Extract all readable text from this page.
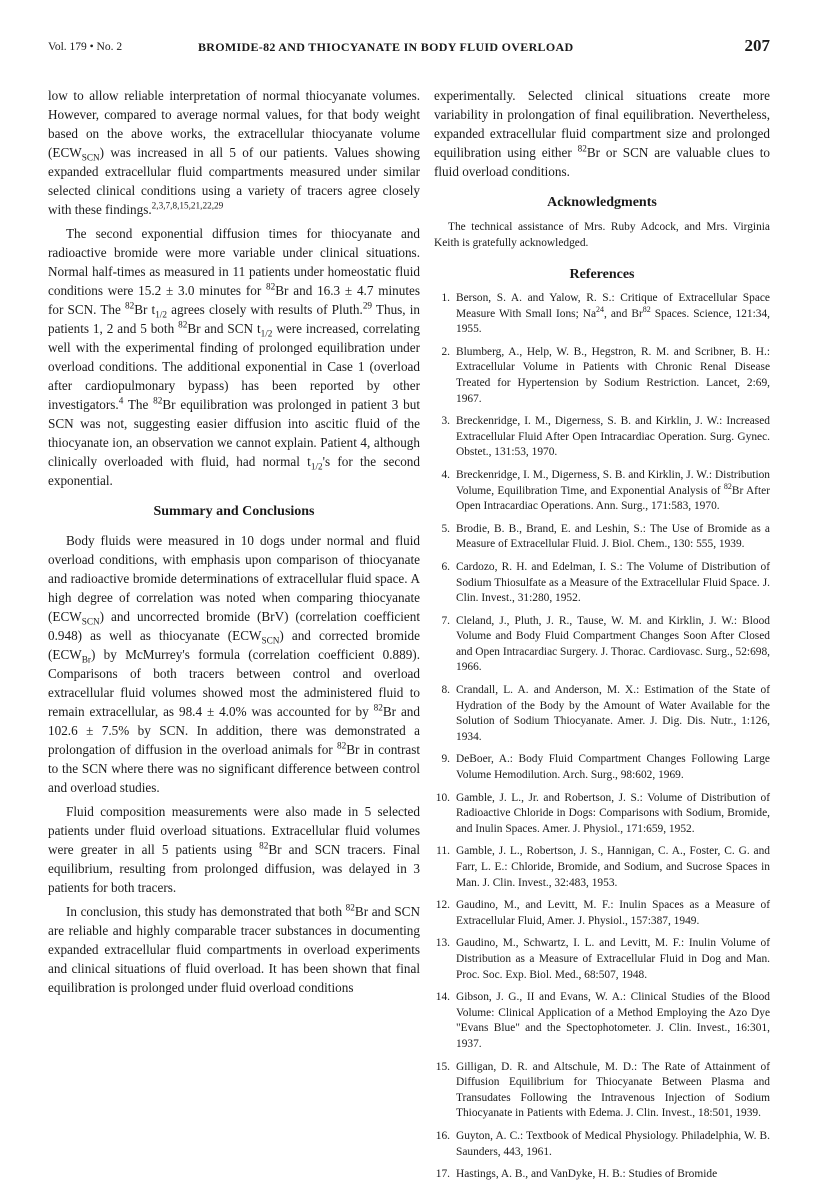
Vol. 179 • No. 2	BROMIDE-82 AND THIOCYANATE IN BODY FLUID OVERLOAD	207

low to allow reliable interpretation of normal thiocyanate volumes. However, compared to average normal values, for that body weight based on the above works, the extracellular thiocyanate volume $(ECW_{SCN})$ was increased in all 5 of our patients. Values showing expanded extracellular fluid compartments measured under similar selected clinical conditions using a variety of tracers agree closely with these findings.$^{2,3,7,8,15,21,22,29}$

The second exponential diffusion times for thiocyanate and radioactive bromide were more variable under clinical situations. Normal half-times as measured in 11 patients under homeostatic fluid conditions were 15.2 ± 3.0 minutes for $^{82}$Br and 16.3 ± 4.7 minutes for SCN. The $^{82}$Br $t_{1/2}$ agrees closely with results of Pluth.$^{29}$ Thus, in patients 1, 2 and 5 both $^{82}$Br and SCN $t_{1/2}$ were increased, correlating well with the experimental finding of prolonged equilibration under overload conditions. The additional exponential in Case 1 (overload after cardiopulmonary bypass) has been reported by other investigators.$^4$ The $^{82}$Br equilibration was prolonged in patient 3 but SCN was not, suggesting easier diffusion into ascitic fluid of the thiocyanate ion, an observation we cannot explain. Patient 4, although clinically overloaded with fluid, had normal $t_{1/2}'s$ for the second exponential.

Summary and Conclusions

Body fluids were measured in 10 dogs under normal and fluid overload conditions, with emphasis upon comparison of thiocyanate and radioactive bromide determinations of extracellular fluid space. A high degree of correlation was noted when comparing thiocyanate $(ECW_{SCN})$ and uncorrected bromide (BrV) (correlation coefficient 0.948) as well as thiocyanate $(ECW_{SCN})$ and corrected bromide $(ECW_{Br})$ by McMurrey's formula (correlation coefficient 0.889). Comparisons of both tracers between control and overload extracellular fluid volumes showed most the administered fluid to remain extracellular, as 98.4 ± 4.0% was accounted for by $^{82}$Br and 102.6 ± 7.5% by SCN. In addition, there was demonstrated a prolongation of diffusion in the overload animals for $^{82}$Br in contrast to the SCN where there was no significant difference between control and overload studies.

Fluid composition measurements were also made in 5 selected patients under fluid overload situations. Extracellular fluid volumes were greater in all 5 patients using $^{82}$Br and SCN tracers. Final equilibrium, resulting from prolonged diffusion, was delayed in 3 patients for both tracers.

In conclusion, this study has demonstrated that both $^{82}$Br and SCN are reliable and highly comparable tracer substances in documenting expanded extracellular fluid compartments in overload experiments and clinical situations of fluid overload. It has been shown that final equilibration is prolonged under fluid overload conditions

experimentally. Selected clinical situations create more variability in prolongation of final equilibration. Nevertheless, expanded extracellular fluid compartment size and prolonged equilibration using either $^{82}$Br or SCN are valuable clues to fluid overload conditions.

Acknowledgments

The technical assistance of Mrs. Ruby Adcock, and Mrs. Virginia Keith is gratefully acknowledged.

References
1. Berson, S. A. and Yalow, R. S.: Critique of Extracellular Space Measure With Small Ions; Na$^{24}$, and Br$^{82}$ Spaces. Science, 121:34, 1955.
2. Blumberg, A., Help, W. B., Hegstron, R. M. and Scribner, B. H.: Extracellular Volume in Patients with Chronic Renal Disease Treated for Hypertension by Sodium Restriction. Lancet, 2:69, 1967.
3. Breckenridge, I. M., Digerness, S. B. and Kirklin, J. W.: Increased Extracellular Fluid After Open Intracardiac Operation. Surg. Gynec. Obstet., 131:53, 1970.
4. Breckenridge, I. M., Digerness, S. B. and Kirklin, J. W.: Distribution Volume, Equilibration Time, and Exponential Analysis of $^{82}$Br After Open Intracardiac Operations. Ann. Surg., 171:583, 1970.
5. Brodie, B. B., Brand, E. and Leshin, S.: The Use of Bromide as a Measure of Extracellular Fluid. J. Biol. Chem., 130: 555, 1939.
6. Cardozo, R. H. and Edelman, I. S.: The Volume of Distribution of Sodium Thiosulfate as a Measure of the Extracellular Fluid Space. J. Clin. Invest., 31:280, 1952.
7. Cleland, J., Pluth, J. R., Tause, W. M. and Kirklin, J. W.: Blood Volume and Body Fluid Compartment Changes Soon After Closed and Open Intracardiac Surgery. J. Thorac. Cardiovasc. Surg., 52:698, 1966.
8. Crandall, L. A. and Anderson, M. X.: Estimation of the State of Hydration of the Body by the Amount of Water Available for the Solution of Sodium Thiocyanate. Amer. J. Dig. Dis. Nutr., 1:126, 1934.
9. DeBoer, A.: Body Fluid Compartment Changes Following Large Volume Hemodilution. Arch. Surg., 98:602, 1969.
10. Gamble, J. L., Jr. and Robertson, J. S.: Volume of Distribution of Radioactive Chloride in Dogs: Comparisons with Sodium, Bromide, and Inulin Spaces. Amer. J. Physiol., 171:659, 1952.
11. Gamble, J. L., Robertson, J. S., Hannigan, C. A., Foster, C. G. and Farr, L. E.: Chloride, Bromide, and Sodium, and Sucrose Spaces in Man. J. Clin. Invest., 32:483, 1953.
12. Gaudino, M., and Levitt, M. F.: Inulin Spaces as a Measure of Extracellular Fluid, Amer. J. Physiol., 157:387, 1949.
13. Gaudino, M., Schwartz, I. L. and Levitt, M. F.: Inulin Volume of Distribution as a Measure of Extracellular Fluid in Dog and Man. Proc. Soc. Exp. Biol. Med., 68:507, 1948.
14. Gibson, J. G., II and Evans, W. A.: Clinical Studies of the Blood Volume: Clinical Application of a Method Employing the Azo Dye "Evans Blue" and the Spectophotometer. J. Clin. Invest., 16:301, 1937.
15. Gilligan, D. R. and Altschule, M. D.: The Rate of Attainment of Diffusion Equilibrium for Thiocyanate Between Plasma and Transudates Following the Intravenous Injection of Sodium Thiocyanate in Patients with Edema. J. Clin. Invest., 18:501, 1939.
16. Guyton, A. C.: Textbook of Medical Physiology. Philadelphia, W. B. Saunders, 443, 1961.
17. Hastings, A. B., and VanDyke, H. B.: Studies of Bromide
